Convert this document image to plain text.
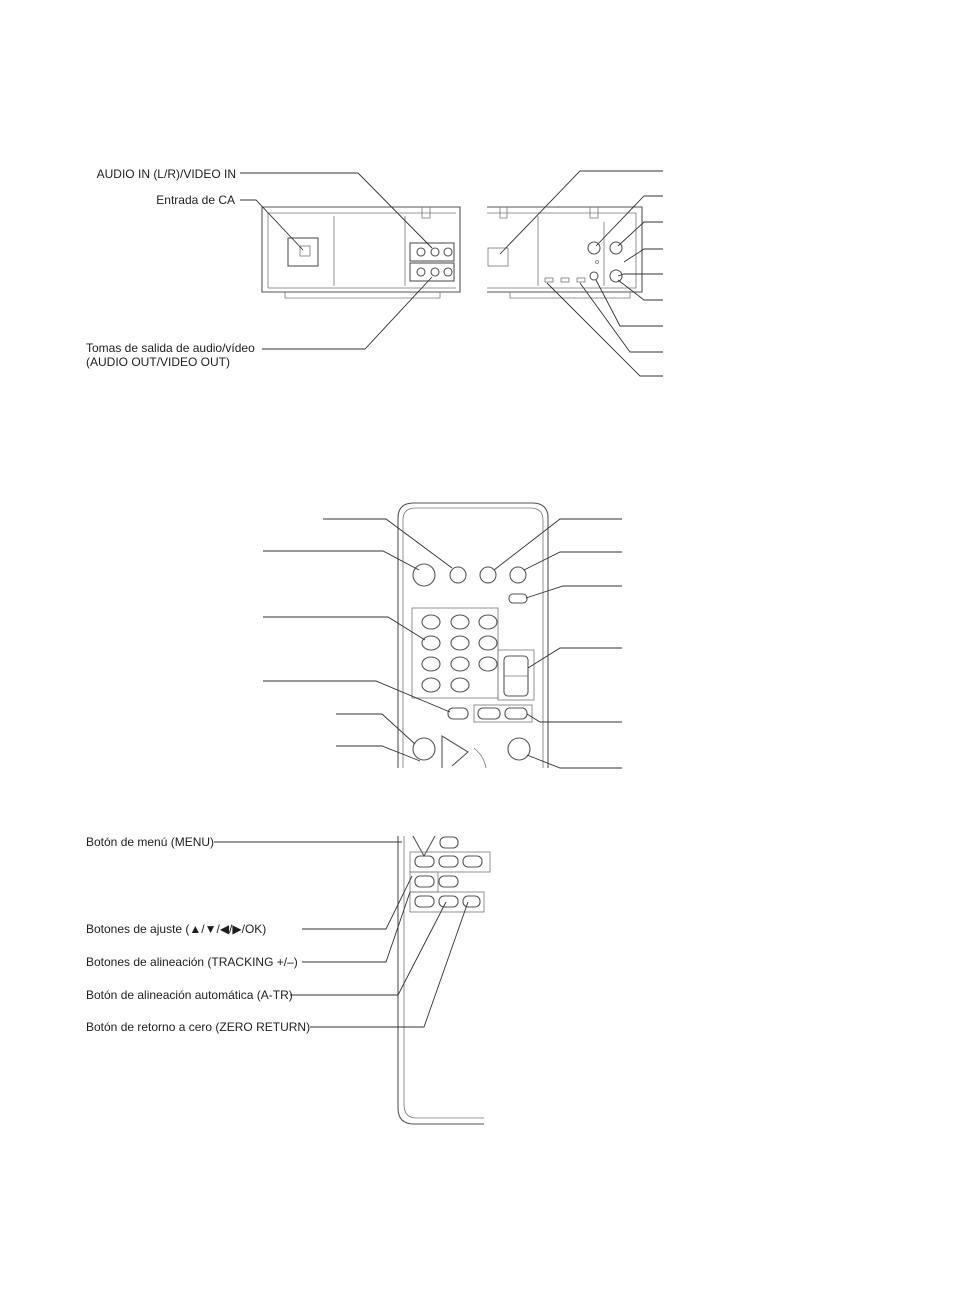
AUDIO IN (L/R)/VIDEO IN
Entrada de CA
Tomas de salida de audio/vídeo
(AUDIO OUT/VIDEO OUT)
Botón de menú (MENU)
Botones de ajuste (▲/▼/◀/▶/OK)
Botones de alineación (TRACKING +/–)
Botón de alineación automática (A-TR)
Botón de retorno a cero (ZERO RETURN)
